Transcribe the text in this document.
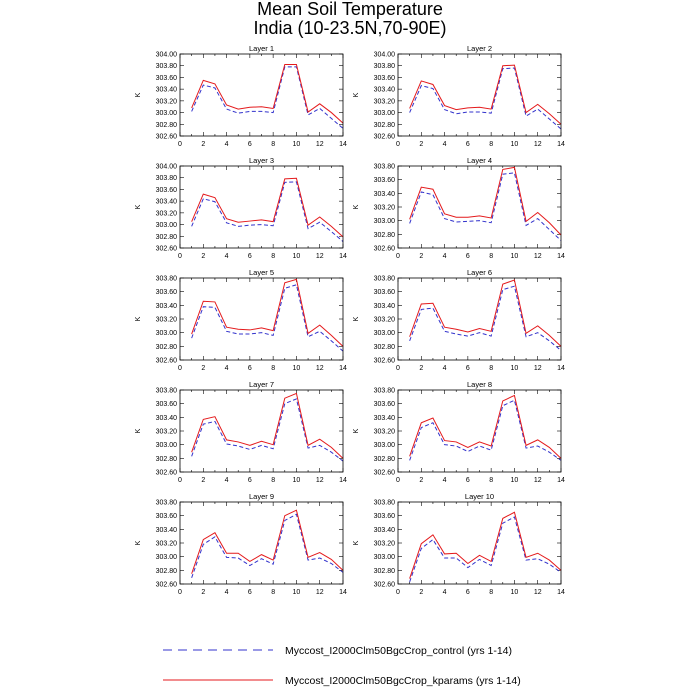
Mean Soil Temperature
India (10-23.5N,70-90E)
Layer 1
K
302.60
302.80
303.00
303.20
303.40
303.60
303.80
304.00
0	2	4	6	8 10 12 14
Layer 2
K
302.60
302.80
303.00
303.20
303.40
303.60
303.80
304.00
0	2	4	6	8 10 12 14
Layer 3
K
302.60
302.80
303.00
303.20
303.40
303.60
303.80
304.00
0	2	4	6	8 10 12 14
Layer 4
K
302.60
302.80
303.00
303.20
303.40
303.60
303.80
0	2	4	6	8 10 12 14
Layer 5
K
302.60
302.80
303.00
303.20
303.40
303.60
303.80
0	2	4	6	8 10 12 14
Layer 6
K
302.60
302.80
303.00
303.20
303.40
303.60
303.80
0	2	4	6	8 10 12 14
Layer 7
K
302.60
302.80
303.00
303.20
303.40
303.60
303.80
0	2	4	6	8 10 12 14
Layer 8
K
302.60
302.80
303.00
303.20
303.40
303.60
303.80
0	2	4	6	8 10 12 14
Layer 9
K
302.60
302.80
303.00
303.20
303.40
303.60
303.80
0	2	4	6	8 10 12 14
Layer 10
K
302.60
302.80
303.00
303.20
303.40
303.60
303.80
0	2	4	6	8 10 12 14
Myccost_I2000Clm50BgcCrop_control (yrs 1-14)
Myccost_I2000Clm50BgcCrop_kparams (yrs 1-14)
